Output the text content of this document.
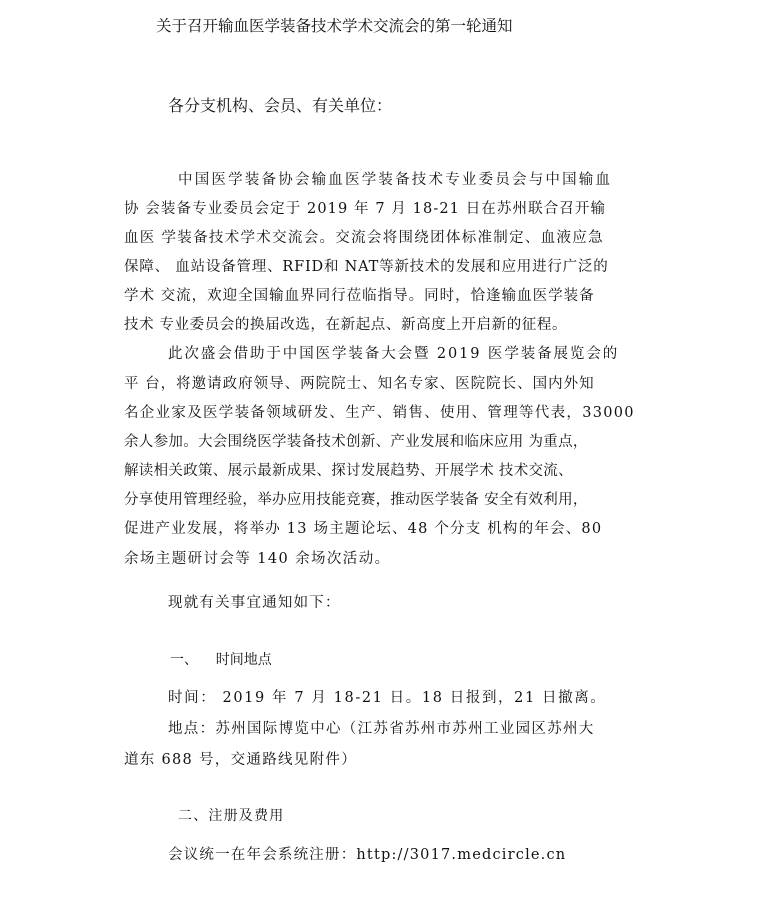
关于召开输血医学装备技术学术交流会的第一轮通知
各分支机构、会员、有关单位：
中国医学装备协会输血医学装备技术专业委员会与中国输血
协 会装备专业委员会定于 2019 年 7 月 18-21 日在苏州联合召开输
血医 学装备技术学术交流会。交流会将围绕团体标准制定、血液应急
保障、 血站设备管理、RFID和 NAT等新技术的发展和应用进行广泛的
学术 交流，欢迎全国输血界同行莅临指导。同时，恰逢输血医学装备
技术 专业委员会的换届改选，在新起点、新高度上开启新的征程。
此次盛会借助于中国医学装备大会暨 2019 医学装备展览会的
平 台，将邀请政府领导、两院院士、知名专家、医院院长、国内外知
名企业家及医学装备领域研发、生产、销售、使用、管理等代表，33000
余人参加。大会围绕医学装备技术创新、产业发展和临床应用 为重点，
解读相关政策、展示最新成果、探讨发展趋势、开展学术 技术交流、
分享使用管理经验，举办应用技能竞赛，推动医学装备 安全有效利用，
促进产业发展，将举办 13 场主题论坛、48 个分支 机构的年会、80
余场主题研讨会等 140 余场次活动。
现就有关事宜通知如下：
一、    时间地点
时间： 2019 年 7 月 18-21 日。18 日报到，21 日撤离。
地点：苏州国际博览中心（江苏省苏州市苏州工业园区苏州大
道东 688 号，交通路线见附件）
二、注册及费用
会议统一在年会系统注册：http://3017.medcircle.cn
